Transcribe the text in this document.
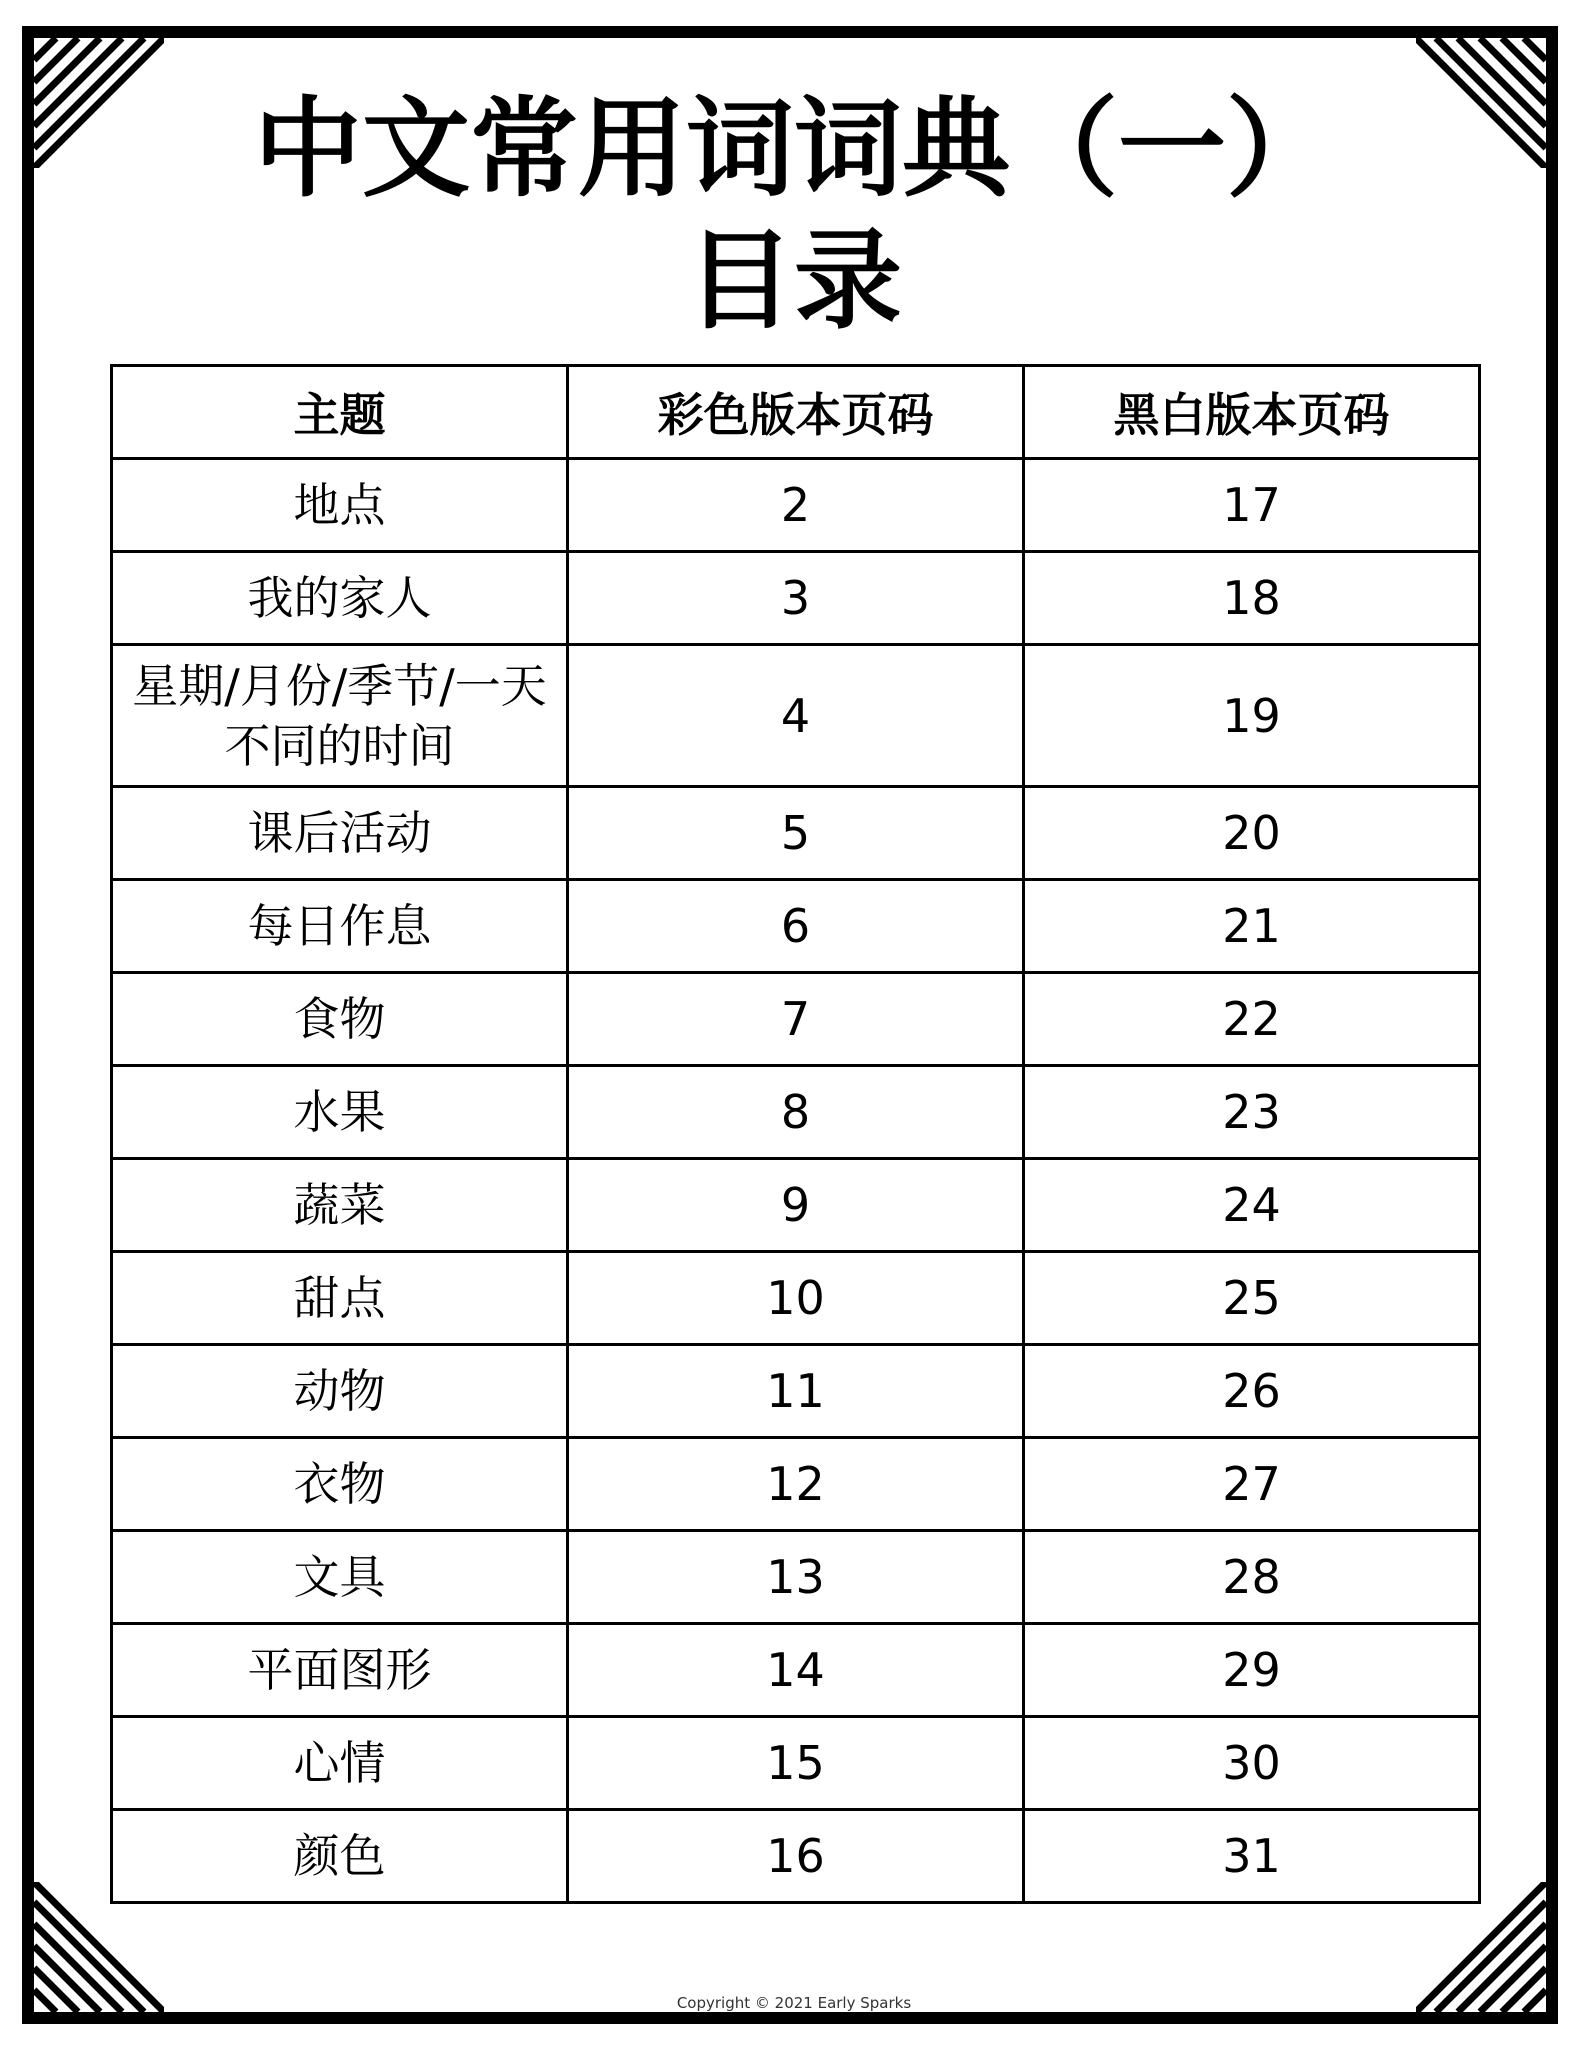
中文常用词词典（一）
目录
主题	彩色版本页码	黑白版本页码
地点	2	17
我的家人	3	18
星期/月份/季节/一天不同的时间	4	19
课后活动	5	20
每日作息	6	21
食物	7	22
水果	8	23
蔬菜	9	24
甜点	10	25
动物	11	26
衣物	12	27
文具	13	28
平面图形	14	29
心情	15	30
颜色	16	31
Copyright © 2021 Early Sparks
